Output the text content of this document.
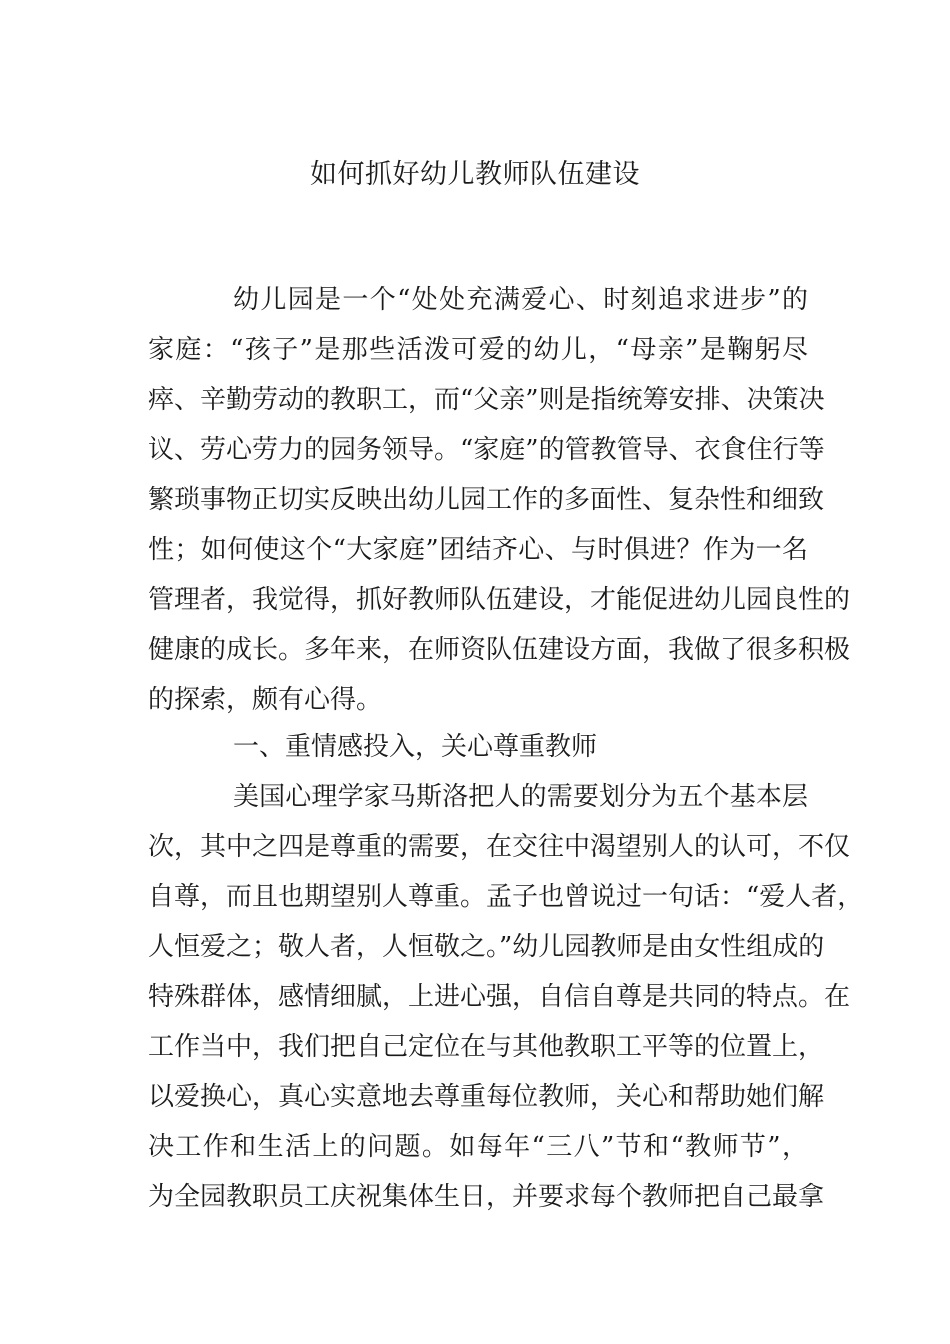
如何抓好幼儿教师队伍建设

幼儿园是一个“处处充满爱心、时刻追求进步”的

家庭：“孩子”是那些活泼可爱的幼儿，“母亲”是鞠躬尽

瘁、辛勤劳动的教职工，而“父亲”则是指统筹安排、决策决

议、劳心劳力的园务领导。“家庭”的管教管导、衣食住行等

繁琐事物正切实反映出幼儿园工作的多面性、复杂性和细致

性；如何使这个“大家庭”团结齐心、与时俱进？作为一名

管理者，我觉得，抓好教师队伍建设，才能促进幼儿园良性的

健康的成长。多年来，在师资队伍建设方面，我做了很多积极

的探索，颇有心得。

一、重情感投入，关心尊重教师

美国心理学家马斯洛把人的需要划分为五个基本层

次，其中之四是尊重的需要，在交往中渴望别人的认可，不仅

自尊，而且也期望别人尊重。孟子也曾说过一句话：“爱人者，

人恒爱之；敬人者，人恒敬之。”幼儿园教师是由女性组成的

特殊群体，感情细腻，上进心强，自信自尊是共同的特点。在

工作当中，我们把自己定位在与其他教职工平等的位置上，

以爱换心，真心实意地去尊重每位教师，关心和帮助她们解

决工作和生活上的问题。如每年“三八”节和“教师节”，

为全园教职员工庆祝集体生日，并要求每个教师把自己最拿
